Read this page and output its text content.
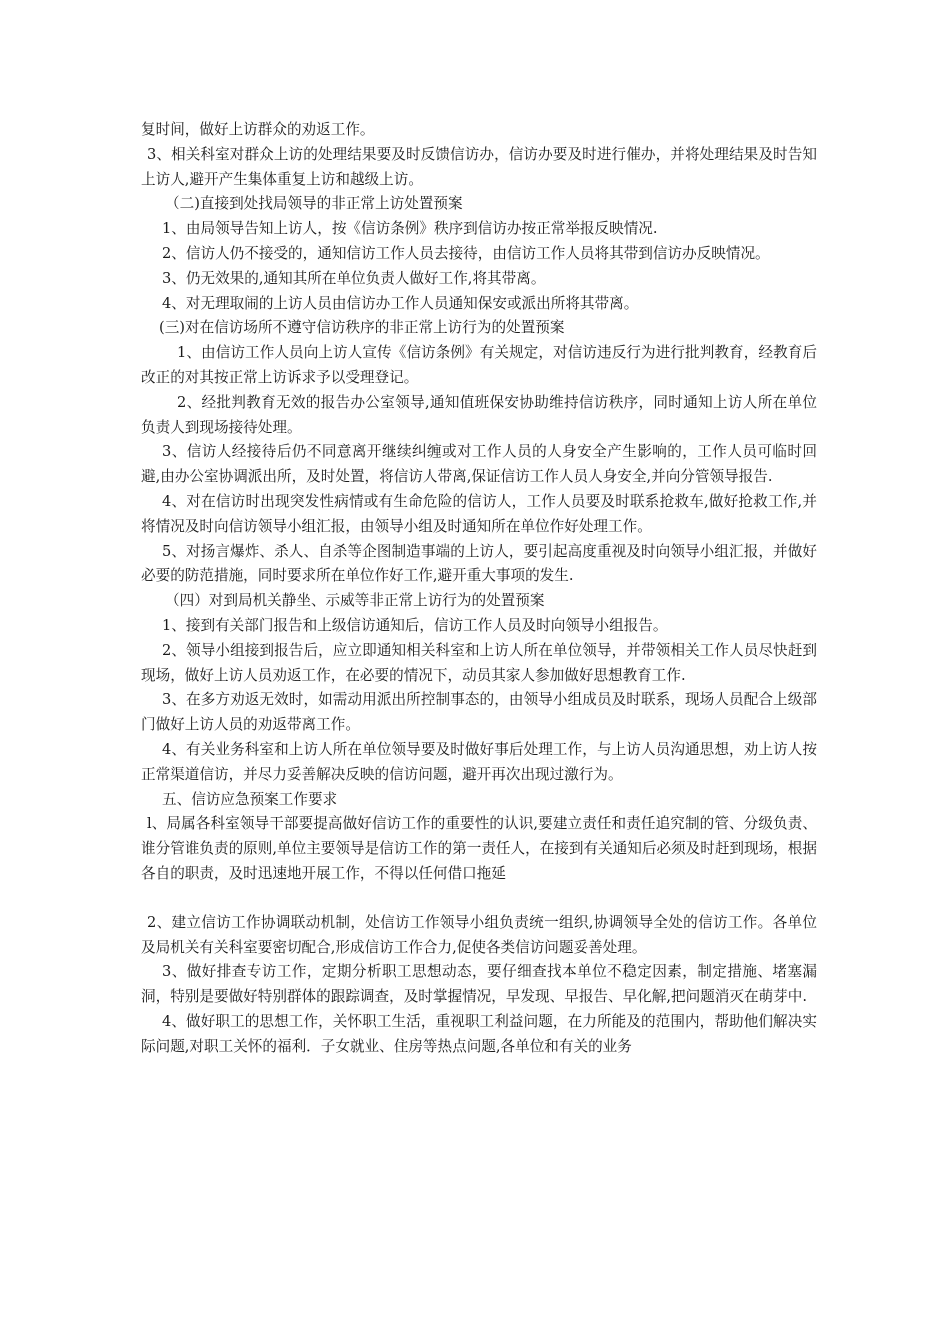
复时间，做好上访群众的劝返工作。

3、相关科室对群众上访的处理结果要及时反馈信访办，信访办要及时进行催办，并将处理结果及时告知上访人,避开产生集体重复上访和越级上访。

（二)直接到处找局领导的非正常上访处置预案

1、由局领导告知上访人，按《信访条例》秩序到信访办按正常举报反映情况.

2、信访人仍不接受的，通知信访工作人员去接待，由信访工作人员将其带到信访办反映情况。

3、仍无效果的,通知其所在单位负责人做好工作,将其带离。

4、对无理取闹的上访人员由信访办工作人员通知保安或派出所将其带离。

(三)对在信访场所不遵守信访秩序的非正常上访行为的处置预案

1、由信访工作人员向上访人宣传《信访条例》有关规定，对信访违反行为进行批判教育，经教育后改正的对其按正常上访诉求予以受理登记。

2、经批判教育无效的报告办公室领导,通知值班保安协助维持信访秩序，同时通知上访人所在单位负责人到现场接待处理。

3、信访人经接待后仍不同意离开继续纠缠或对工作人员的人身安全产生影响的，工作人员可临时回避,由办公室协调派出所，及时处置，将信访人带离,保证信访工作人员人身安全,并向分管领导报告.

4、对在信访时出现突发性病情或有生命危险的信访人，工作人员要及时联系抢救车,做好抢救工作,并将情况及时向信访领导小组汇报，由领导小组及时通知所在单位作好处理工作。

5、对扬言爆炸、杀人、自杀等企图制造事端的上访人，要引起高度重视及时向领导小组汇报，并做好必要的防范措施，同时要求所在单位作好工作,避开重大事项的发生.

（四）对到局机关静坐、示威等非正常上访行为的处置预案

1、接到有关部门报告和上级信访通知后，信访工作人员及时向领导小组报告。

2、领导小组接到报告后，应立即通知相关科室和上访人所在单位领导，并带领相关工作人员尽快赶到现场，做好上访人员劝返工作，在必要的情况下，动员其家人参加做好思想教育工作.

3、在多方劝返无效时，如需动用派出所控制事态的，由领导小组成员及时联系，现场人员配合上级部门做好上访人员的劝返带离工作。

4、有关业务科室和上访人所在单位领导要及时做好事后处理工作，与上访人员沟通思想，劝上访人按正常渠道信访，并尽力妥善解决反映的信访问题，避开再次出现过激行为。

五、信访应急预案工作要求

l、局属各科室领导干部要提高做好信访工作的重要性的认识,要建立责任和责任追究制的管、分级负责、谁分管谁负责的原则,单位主要领导是信访工作的第一责任人，在接到有关通知后必须及时赶到现场，根据各自的职责，及时迅速地开展工作，不得以任何借口拖延

2、建立信访工作协调联动机制，处信访工作领导小组负责统一组织,协调领导全处的信访工作。各单位及局机关有关科室要密切配合,形成信访工作合力,促使各类信访问题妥善处理。

3、做好排查专访工作，定期分析职工思想动态，要仔细查找本单位不稳定因素，制定措施、堵塞漏洞，特别是要做好特别群体的跟踪调查，及时掌握情况，早发现、早报告、早化解,把问题消灭在萌芽中.

4、做好职工的思想工作，关怀职工生活，重视职工利益问题，在力所能及的范围内，帮助他们解决实际问题,对职工关怀的福利．子女就业、住房等热点问题,各单位和有关的业务
